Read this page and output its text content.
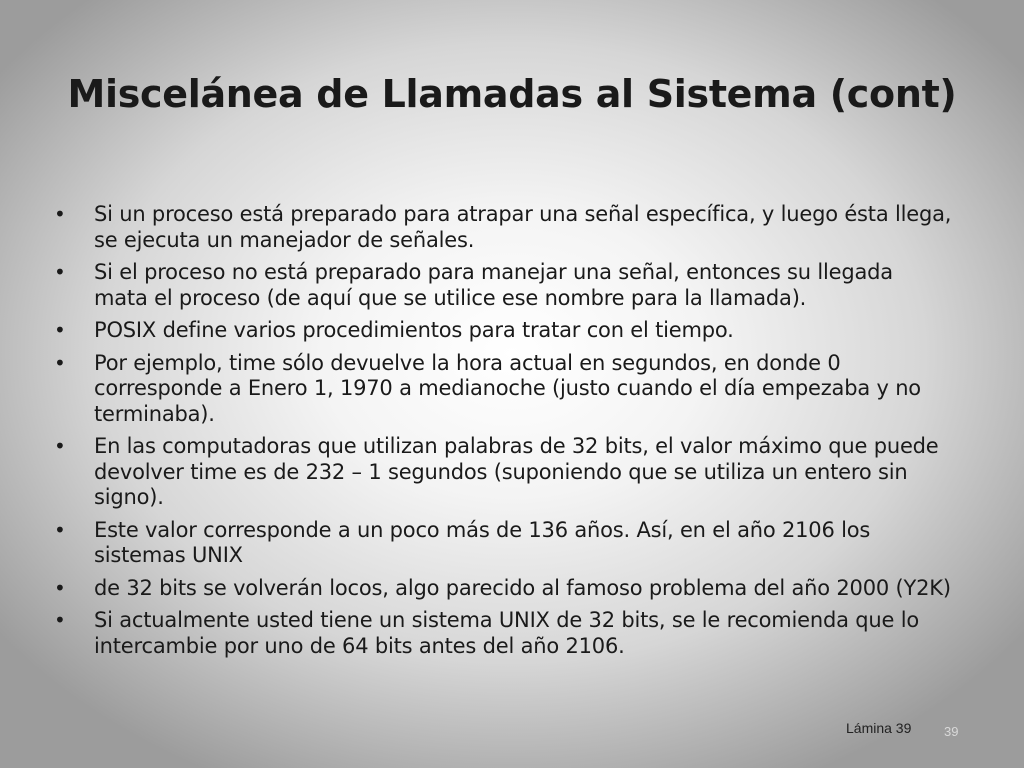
Miscelánea de Llamadas al Sistema (cont)
• Si un proceso está preparado para atrapar una señal específica, y luego ésta llega, se ejecuta un manejador de señales.
• Si el proceso no está preparado para manejar una señal, entonces su llegada mata el proceso (de aquí que se utilice ese nombre para la llamada).
• POSIX define varios procedimientos para tratar con el tiempo.
• Por ejemplo, time sólo devuelve la hora actual en segundos, en donde 0 corresponde a Enero 1, 1970 a medianoche (justo cuando el día empezaba y no terminaba).
• En las computadoras que utilizan palabras de 32 bits, el valor máximo que puede devolver time es de 232 – 1 segundos (suponiendo que se utiliza un entero sin signo).
• Este valor corresponde a un poco más de 136 años. Así, en el año 2106 los sistemas UNIX
• de 32 bits se volverán locos, algo parecido al famoso problema del año 2000 (Y2K)
• Si actualmente usted tiene un sistema UNIX de 32 bits, se le recomienda que lo intercambie por uno de 64 bits antes del año 2106.
Lámina 39	39
